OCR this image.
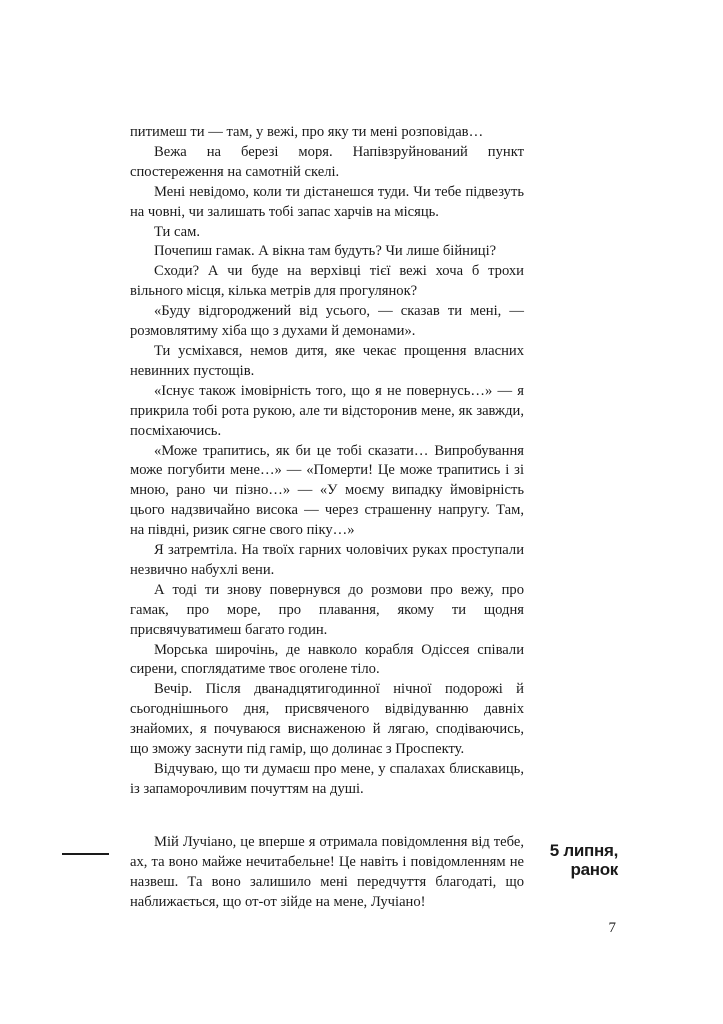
питимеш ти — там, у вежі, про яку ти мені розповідав…

Вежа на березі моря. Напівзруйнований пункт спостереження на самотній скелі.

Мені невідомо, коли ти дістанешся туди. Чи тебе підвезуть на човні, чи залишать тобі запас харчів на місяць.

Ти сам.

Почепиш гамак. А вікна там будуть? Чи лише бійниці?

Сходи? А чи буде на верхівці тієї вежі хоча б трохи вільного місця, кілька метрів для прогулянок?

«Буду відгороджений від усього, — сказав ти мені, — розмовлятиму хіба що з духами й демонами».

Ти усміхався, немов дитя, яке чекає прощення власних невинних пустощів.

«Існує також імовірність того, що я не повернусь…» — я прикрила тобі рота рукою, але ти відсторонив мене, як завжди, посміхаючись.

«Може трапитись, як би це тобі сказати… Випробування може погубити мене…» — «Померти! Це може трапитись і зі мною, рано чи пізно…» — «У моєму випадку ймовірність цього надзвичайно висока — через страшенну напругу. Там, на півдні, ризик сягне свого піку…»

Я затремтіла. На твоїх гарних чоловічих руках проступали незвично набухлі вени.

А тоді ти знову повернувся до розмови про вежу, про гамак, про море, про плавання, якому ти щодня присвячуватимеш багато годин.

Морська широчінь, де навколо корабля Одіссея співали сирени, споглядатиме твоє оголене тіло.

Вечір. Після дванадцятигодинної нічної подорожі й сьогоднішнього дня, присвяченого відвідуванню давніх знайомих, я почуваюся виснаженою й лягаю, сподіваючись, що зможу заснути під гамір, що долинає з Проспекту.

Відчуваю, що ти думаєш про мене, у спалахах блискавиць, із запаморочливим почуттям на душі.

Мій Лучіано, це вперше я отримала повідомлення від тебе, ах, та воно майже нечитабельне! Це навіть і повідомленням не назвеш. Та воно залишило мені передчуття благодаті, що наближається, що от-от зійде на мене, Лучіано!

5 липня,
ранок
7
